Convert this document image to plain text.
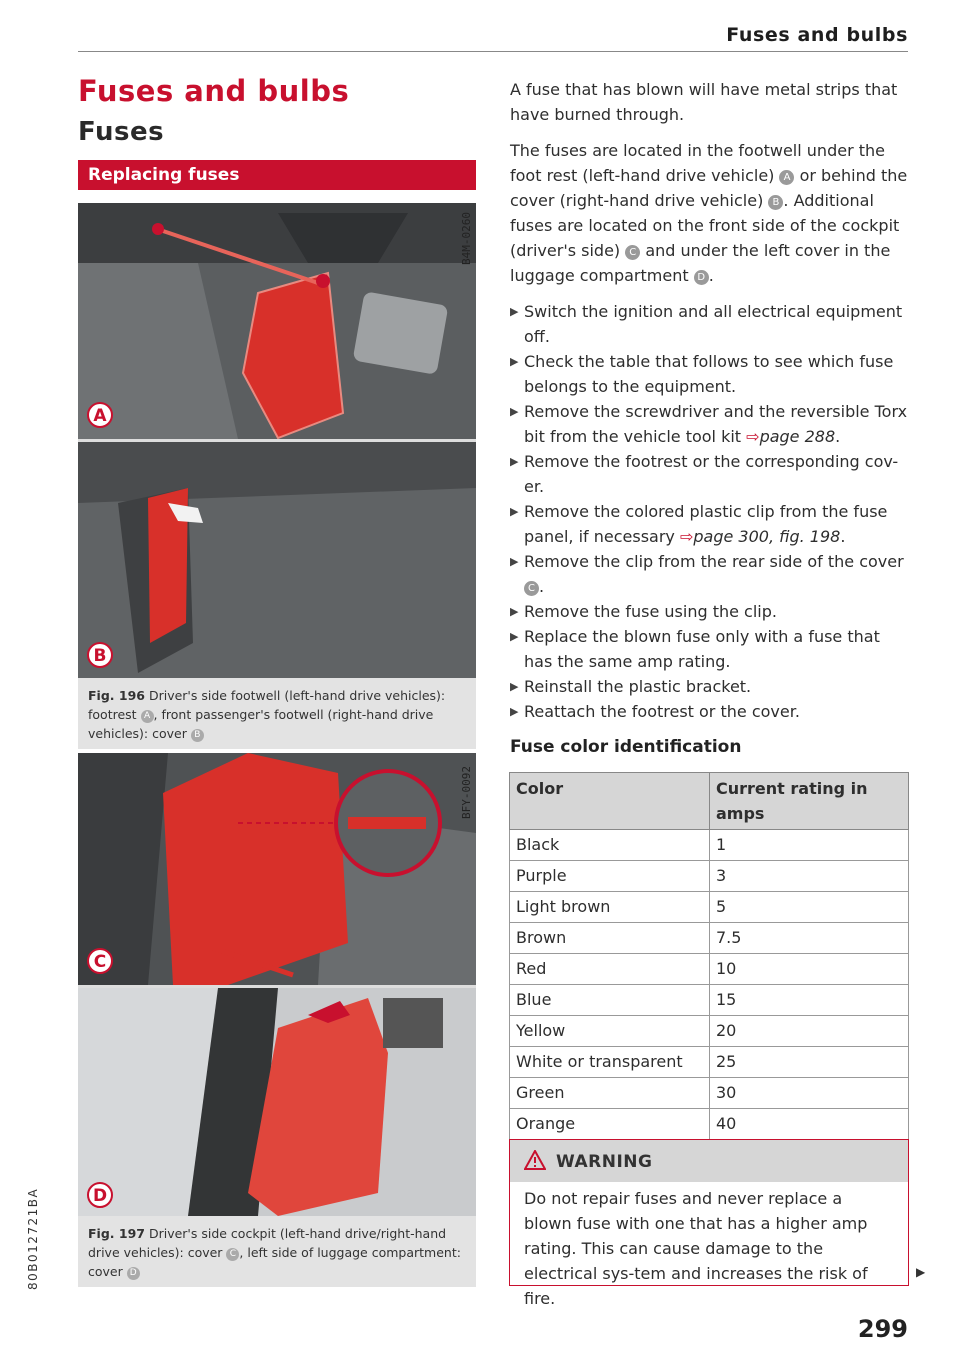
Fuses and bulbs
Fuses and bulbs
Fuses
Replacing fuses
A
B4M-0260
B
Fig. 196 Driver's side footwell (left-hand drive vehicles): footrest A , front passenger's footwell (right-hand drive vehicles): cover B
C
BFY-0092
D
Fig. 197 Driver's side cockpit (left-hand drive/right-hand drive vehicles): cover C , left side of luggage compartment: cover D

A fuse that has blown will have metal strips that have burned through.

The fuses are located in the footwell under the foot rest (left-hand drive vehicle) A or behind the cover (right-hand drive vehicle) B . Additional fuses are located on the front side of the cockpit (driver's side) C and under the left cover in the luggage compartment D .

▶ Switch the ignition and all electrical equipment off.
▶ Check the table that follows to see which fuse belongs to the equipment.
▶ Remove the screwdriver and the reversible Torx bit from the vehicle tool kit ⇨page 288.
▶ Remove the footrest or the corresponding cov-er.
▶ Remove the colored plastic clip from the fuse panel, if necessary ⇨page 300, fig. 198.
▶ Remove the clip from the rear side of the cover C .
▶ Remove the fuse using the clip.
▶ Replace the blown fuse only with a fuse that has the same amp rating.
▶ Reinstall the plastic bracket.
▶ Reattach the footrest or the cover.
Fuse color identification
Color	Current rating in amps
Black	1
Purple	3
Light brown	5
Brown	7.5
Red	10
Blue	15
Yellow	20
White or transparent	25
Green	30
Orange	40
WARNING
Do not repair fuses and never replace a blown fuse with one that has a higher amp rating. This can cause damage to the electrical sys-tem and increases the risk of fire.
▶
299
80B012721BA
